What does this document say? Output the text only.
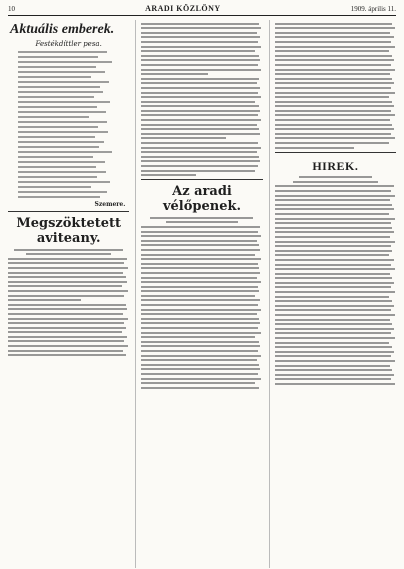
10	ARADI KÖZLÖNY	1909. április 11.
Aktuális emberek.
Festékdíttler pesa.
Szemere.
Megszöktetett aviteany.
Az aradi vélőpenek.
HIREK.
